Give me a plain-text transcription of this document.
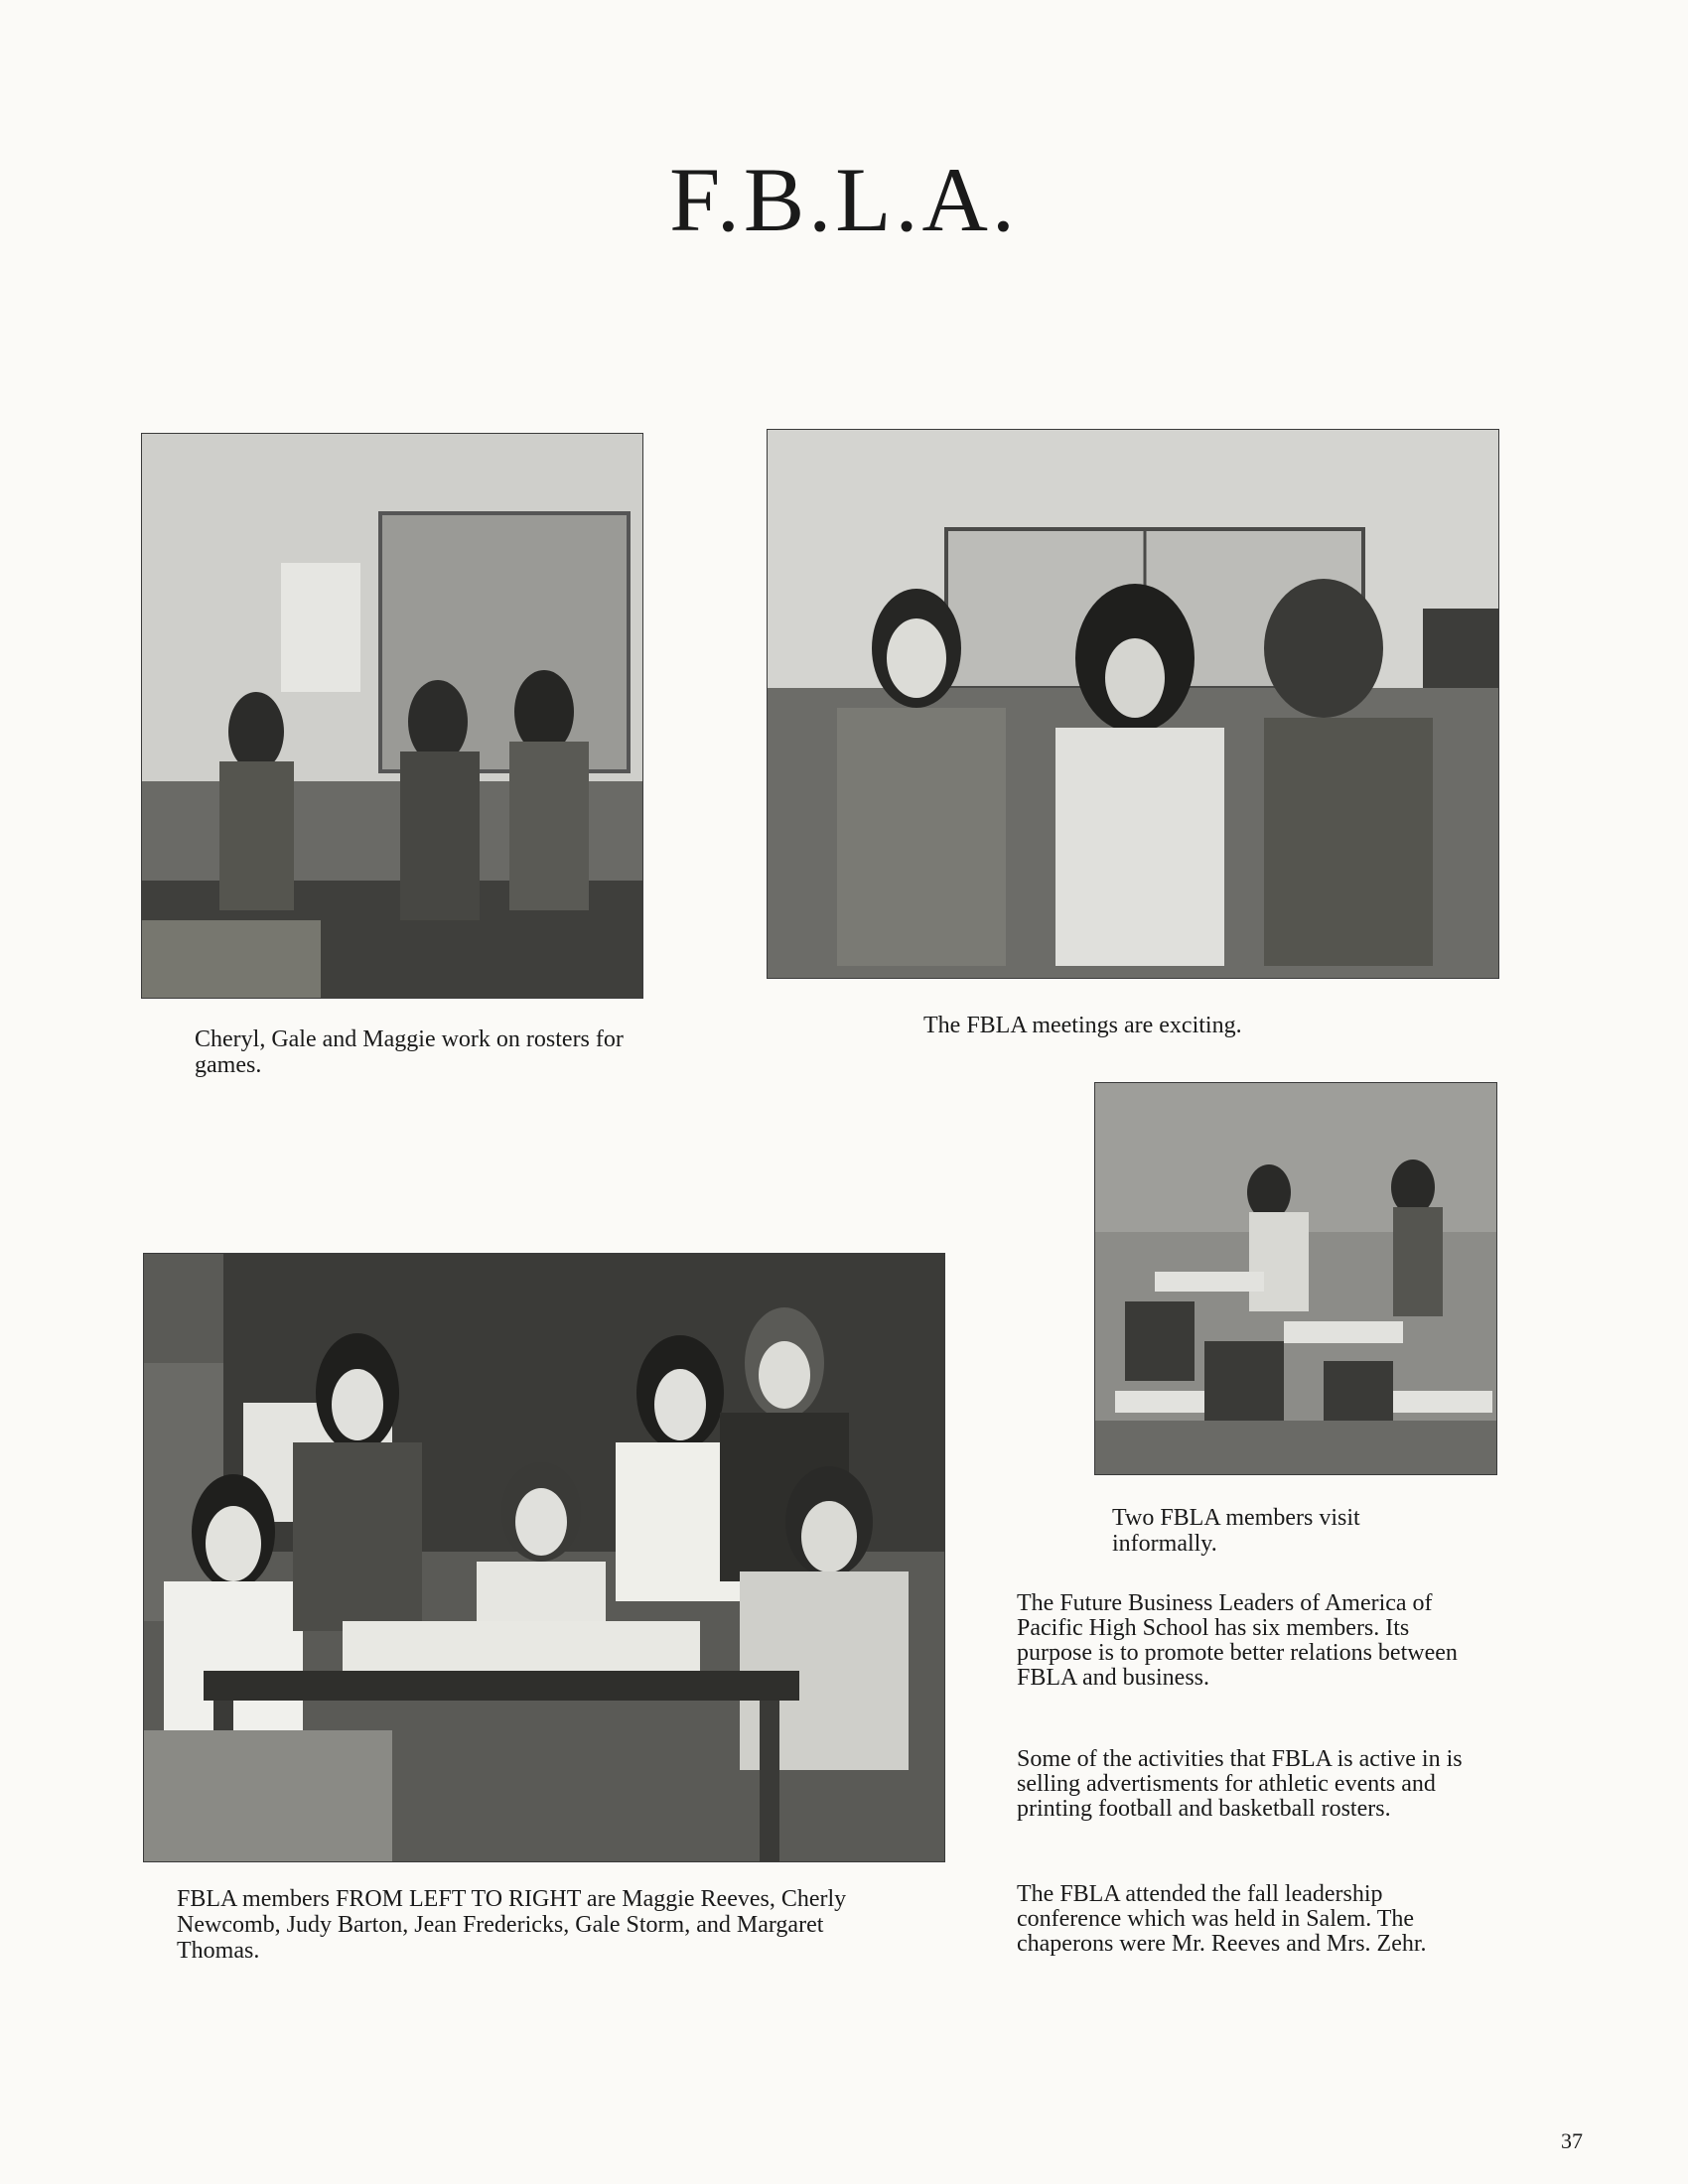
F.B.L.A.

Cheryl, Gale and Maggie work on rosters for games.

The FBLA meetings are exciting.

Two FBLA members visit informally.

FBLA members FROM LEFT TO RIGHT are Maggie Reeves, Cherly Newcomb, Judy Barton, Jean Fredericks, Gale Storm, and Margaret Thomas.

The Future Business Leaders of America of Pacific High School has six members. Its purpose is to promote better relations between FBLA and business.

Some of the activities that FBLA is active in is selling advertisments for athletic events and printing football and basketball rosters.

The FBLA attended the fall leadership conference which was held in Salem. The chaperons were Mr. Reeves and Mrs. Zehr.

37
